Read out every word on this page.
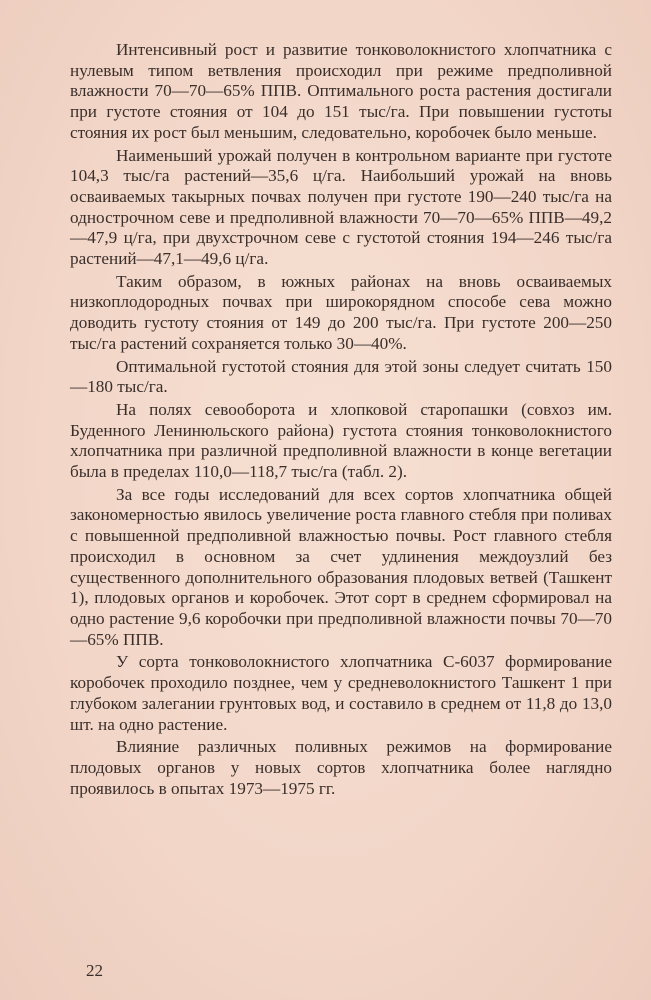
Интенсивный рост и развитие тонковолокнистого хлопчатника с нулевым типом ветвления происходил при режиме предполивной влажности 70—70—65% ППВ. Оптимального роста растения достигали при густоте стояния от 104 до 151 тыс/га. При повышении густоты стояния их рост был меньшим, следовательно, коробочек было меньше.

Наименьший урожай получен в контрольном варианте при густоте 104,3 тыс/га растений—35,6 ц/га. Наибольший урожай на вновь осваиваемых такырных почвах получен при густоте 190—240 тыс/га на однострочном севе и предполивной влажности 70—70—65% ППВ—49,2—47,9 ц/га, при двухстрочном севе с густотой стояния 194—246 тыс/га растений—47,1—49,6 ц/га.

Таким образом, в южных районах на вновь осваиваемых низкоплодородных почвах при широкорядном способе сева можно доводить густоту стояния от 149 до 200 тыс/га. При густоте 200—250 тыс/га растений сохраняется только 30—40%.

Оптимальной густотой стояния для этой зоны следует считать 150—180 тыс/га.

На полях севооборота и хлопковой старопашки (совхоз им. Буденного Ленинюльского района) густота стояния тонковолокнистого хлопчатника при различной предполивной влажности в конце вегетации была в пределах 110,0—118,7 тыс/га (табл. 2).

За все годы исследований для всех сортов хлопчатника общей закономерностью явилось увеличение роста главного стебля при поливах с повышенной предполивной влажностью почвы. Рост главного стебля происходил в основном за счет удлинения междоузлий без существенного дополнительного образования плодовых ветвей (Ташкент 1), плодовых органов и коробочек. Этот сорт в среднем сформировал на одно растение 9,6 коробочки при предполивной влажности почвы 70—70—65% ППВ.

У сорта тонковолокнистого хлопчатника С-6037 формирование коробочек проходило позднее, чем у средневолокнистого Ташкент 1 при глубоком залегании грунтовых вод, и составило в среднем от 11,8 до 13,0 шт. на одно растение.

Влияние различных поливных режимов на формирование плодовых органов у новых сортов хлопчатника более наглядно проявилось в опытах 1973—1975 гг.

22
